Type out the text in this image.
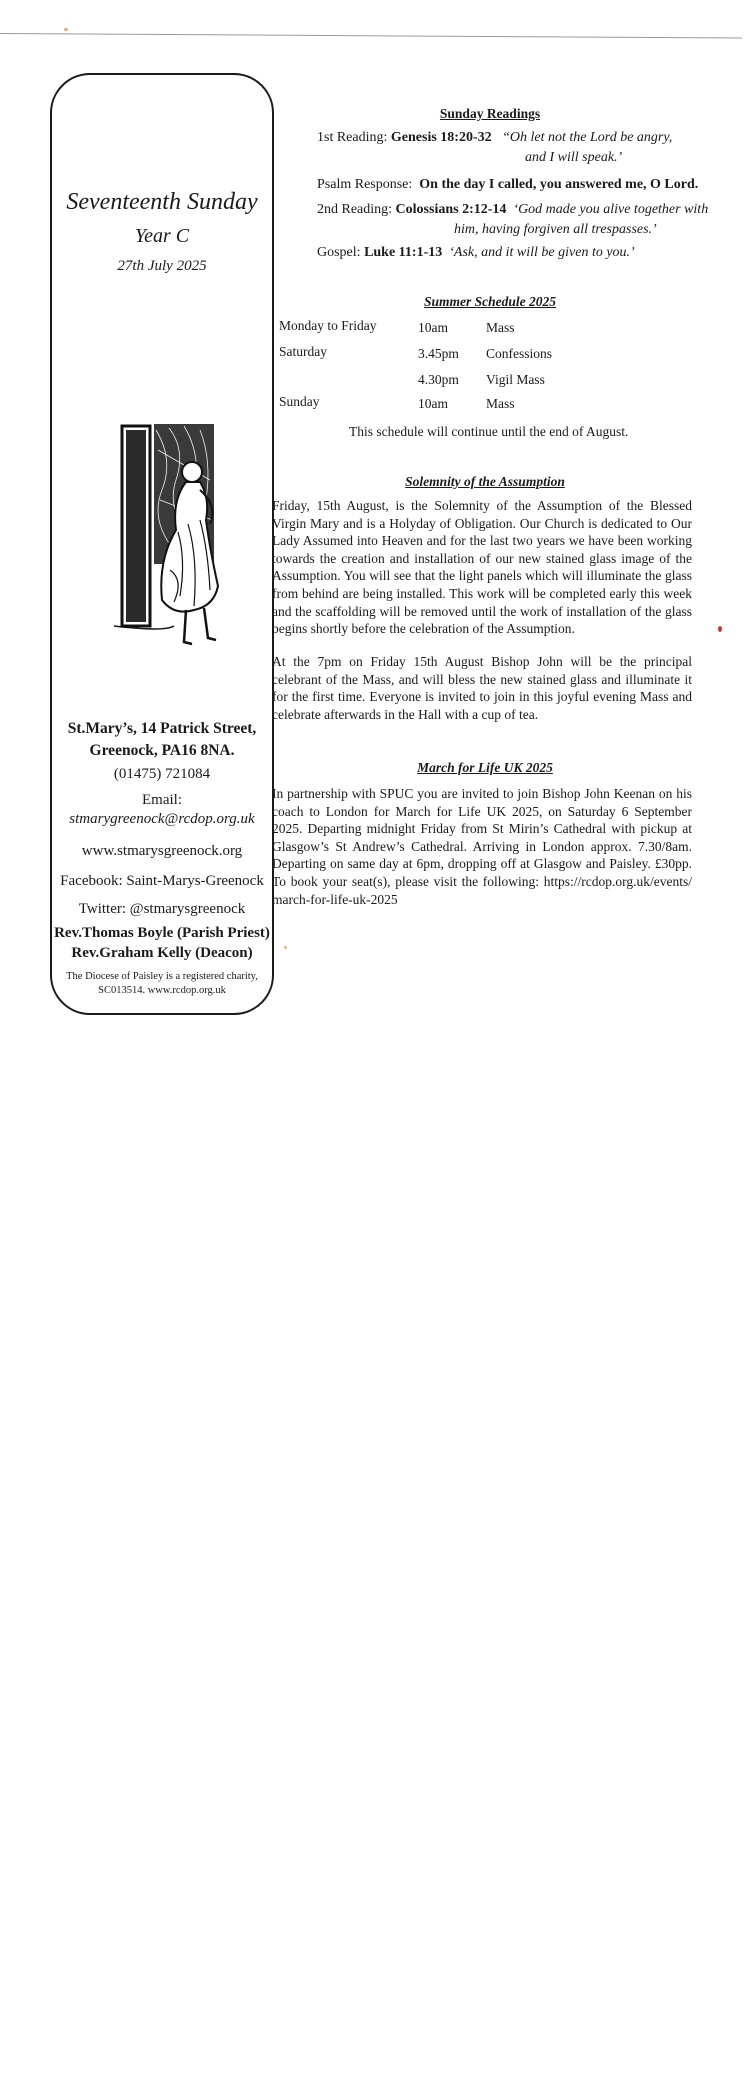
Seventeenth Sunday
Year C
27th July 2025
St.Mary’s, 14 Patrick Street,
Greenock, PA16 8NA.
(01475) 721084
Email:
stmarygreenock@rcdop.org.uk
www.stmarysgreenock.org
Facebook: Saint-Marys-Greenock
Twitter: @stmarysgreenock
Rev.Thomas Boyle (Parish Priest)
Rev.Graham Kelly (Deacon)
The Diocese of Paisley is a registered charity,
SC013514. www.rcdop.org.uk
Sunday Readings
1st Reading: Genesis 18:20-32 “Oh let not the Lord be angry,
and I will speak.’
Psalm Response: On the day I called, you answered me, O Lord.
2nd Reading: Colossians 2:12-14 ‘God made you alive together with
him, having forgiven all trespasses.’
Gospel: Luke 11:1-13 ‘Ask, and it will be given to you.’
Summer Schedule 2025
Monday to Friday	10am	Mass
Saturday	3.45pm Confessions
4.30pm Vigil Mass
Sunday	10am	Mass
This schedule will continue until the end of August.
Solemnity of the Assumption

Friday, 15th August, is the Solemnity of the Assumption of the Blessed Virgin Mary and is a Holyday of Obligation. Our Church is dedicated to Our Lady Assumed into Heaven and for the last two years we have been working towards the creation and installation of our new stained glass image of the Assumption. You will see that the light panels which will illuminate the glass from behind are being installed. This work will be completed early this week and the scaffolding will be removed until the work of installation of the glass begins shortly before the celebration of the Assumption.

At the 7pm on Friday 15th August Bishop John will be the principal celebrant of the Mass, and will bless the new stained glass and illuminate it for the first time. Everyone is invited to join in this joyful evening Mass and celebrate afterwards in the Hall with a cup of tea.

March for Life UK 2025

In partnership with SPUC you are invited to join Bishop John Keenan on his coach to London for March for Life UK 2025, on Saturday 6 September 2025. Departing midnight Friday from St Mirin’s Cathedral with pickup at Glasgow’s St Andrew’s Cathedral. Arriving in London approx. 7.30/8am. Departing on same day at 6pm, dropping off at Glasgow and Paisley. £30pp. To book your seat(s), please visit the following: https://rcdop.org.uk/events/ march-for-life-uk-2025
